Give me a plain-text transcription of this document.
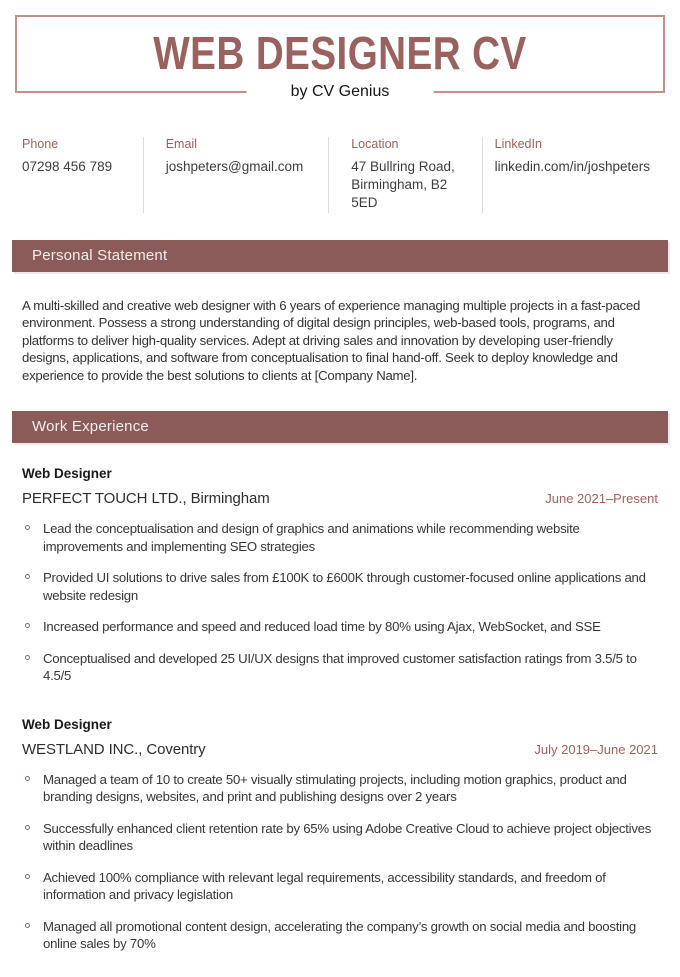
WEB DESIGNER CV
by CV Genius
Phone
07298 456 789
Email
joshpeters@gmail.com
Location
47 Bullring Road,
Birmingham, B2 5ED
LinkedIn
linkedin.com/in/joshpeters
Personal Statement

A multi-skilled and creative web designer with 6 years of experience managing multiple projects in a fast-paced environment. Possess a strong understanding of digital design principles, web-based tools, programs, and platforms to deliver high-quality services. Adept at driving sales and innovation by developing user-friendly designs, applications, and software from conceptualisation to final hand-off. Seek to deploy knowledge and experience to provide the best solutions to clients at [Company Name].

Work Experience
Web Designer
PERFECT TOUCH LTD., Birmingham	June 2021–Present
Lead the conceptualisation and design of graphics and animations while recommending website improvements and implementing SEO strategies
Provided UI solutions to drive sales from £100K to £600K through customer-focused online applications and website redesign
Increased performance and speed and reduced load time by 80% using Ajax, WebSocket, and SSE
Conceptualised and developed 25 UI/UX designs that improved customer satisfaction ratings from 3.5/5 to 4.5/5
Web Designer
WESTLAND INC., Coventry	July 2019–June 2021
Managed a team of 10 to create 50+ visually stimulating projects, including motion graphics, product and branding designs, websites, and print and publishing designs over 2 years
Successfully enhanced client retention rate by 65% using Adobe Creative Cloud to achieve project objectives within deadlines
Achieved 100% compliance with relevant legal requirements, accessibility standards, and freedom of information and privacy legislation
Managed all promotional content design, accelerating the company’s growth on social media and boosting online sales by 70%
